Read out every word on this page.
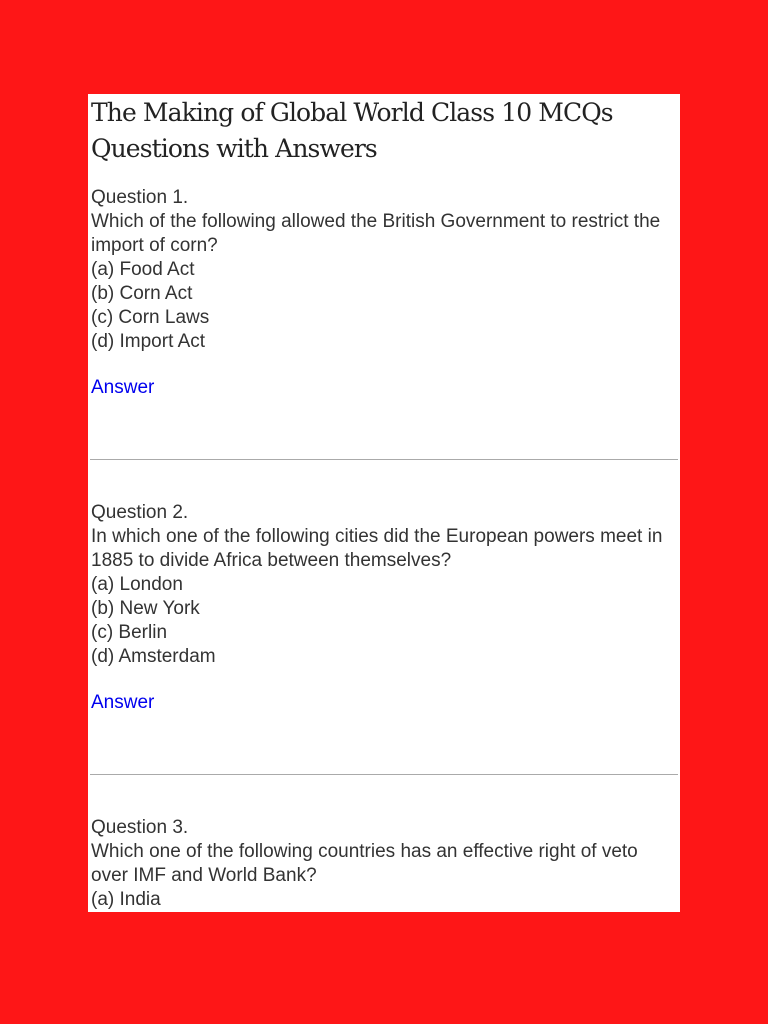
The Making of Global World Class 10 MCQs Questions with Answers
Question 1.
Which of the following allowed the British Government to restrict the import of corn?
(a) Food Act
(b) Corn Act
(c) Corn Laws
(d) Import Act
Answer
Question 2.
In which one of the following cities did the European powers meet in 1885 to divide Africa between themselves?
(a) London
(b) New York
(c) Berlin
(d) Amsterdam
Answer
Question 3.
Which one of the following countries has an effective right of veto over IMF and World Bank?
(a) India
